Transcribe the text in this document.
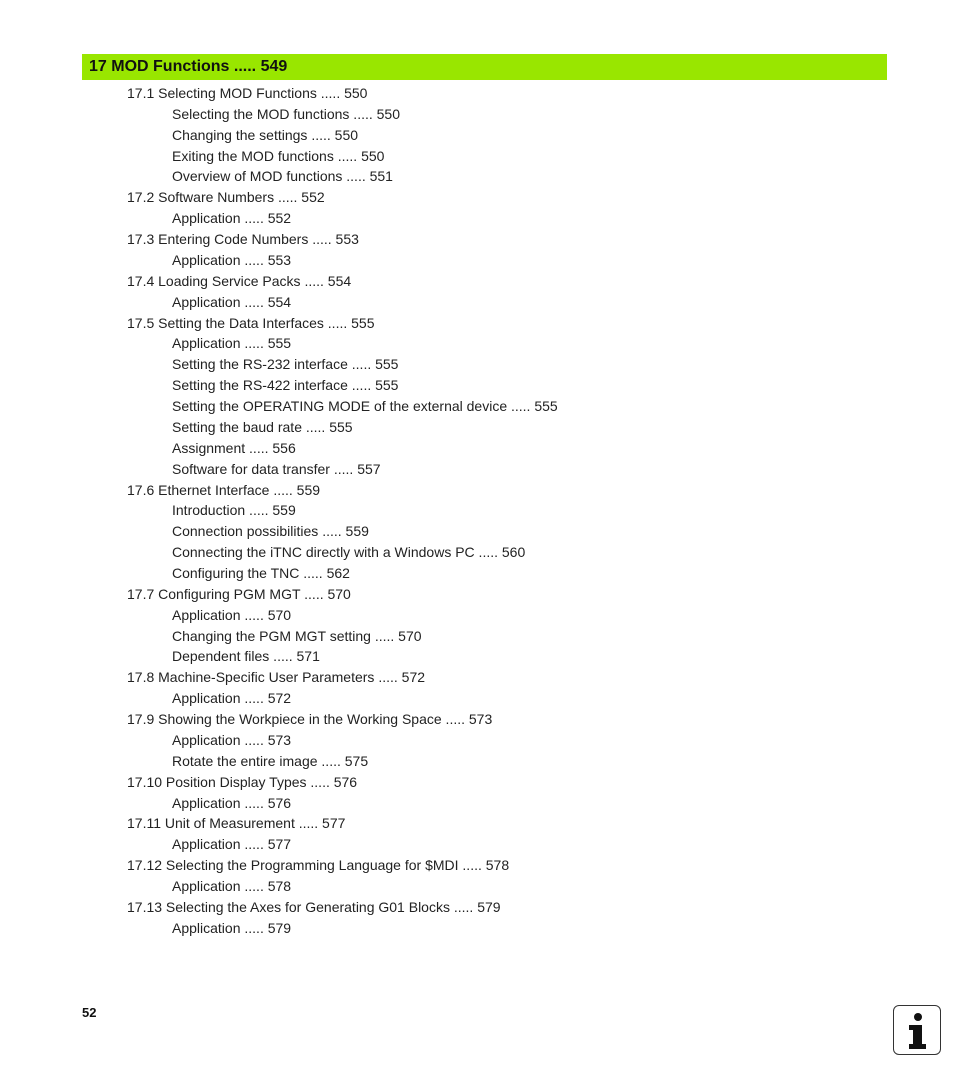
17 MOD Functions ..... 549
17.1 Selecting MOD Functions ..... 550
Selecting the MOD functions ..... 550
Changing the settings ..... 550
Exiting the MOD functions ..... 550
Overview of MOD functions ..... 551
17.2 Software Numbers ..... 552
Application ..... 552
17.3 Entering Code Numbers ..... 553
Application ..... 553
17.4 Loading Service Packs ..... 554
Application ..... 554
17.5 Setting the Data Interfaces ..... 555
Application ..... 555
Setting the RS-232 interface ..... 555
Setting the RS-422 interface ..... 555
Setting the OPERATING MODE of the external device ..... 555
Setting the baud rate ..... 555
Assignment ..... 556
Software for data transfer ..... 557
17.6 Ethernet Interface ..... 559
Introduction ..... 559
Connection possibilities ..... 559
Connecting the iTNC directly with a Windows PC ..... 560
Configuring the TNC ..... 562
17.7 Configuring PGM MGT ..... 570
Application ..... 570
Changing the PGM MGT setting ..... 570
Dependent files ..... 571
17.8 Machine-Specific User Parameters ..... 572
Application ..... 572
17.9 Showing the Workpiece in the Working Space ..... 573
Application ..... 573
Rotate the entire image ..... 575
17.10 Position Display Types ..... 576
Application ..... 576
17.11 Unit of Measurement ..... 577
Application ..... 577
17.12 Selecting the Programming Language for $MDI ..... 578
Application ..... 578
17.13 Selecting the Axes for Generating G01 Blocks ..... 579
Application ..... 579
52
